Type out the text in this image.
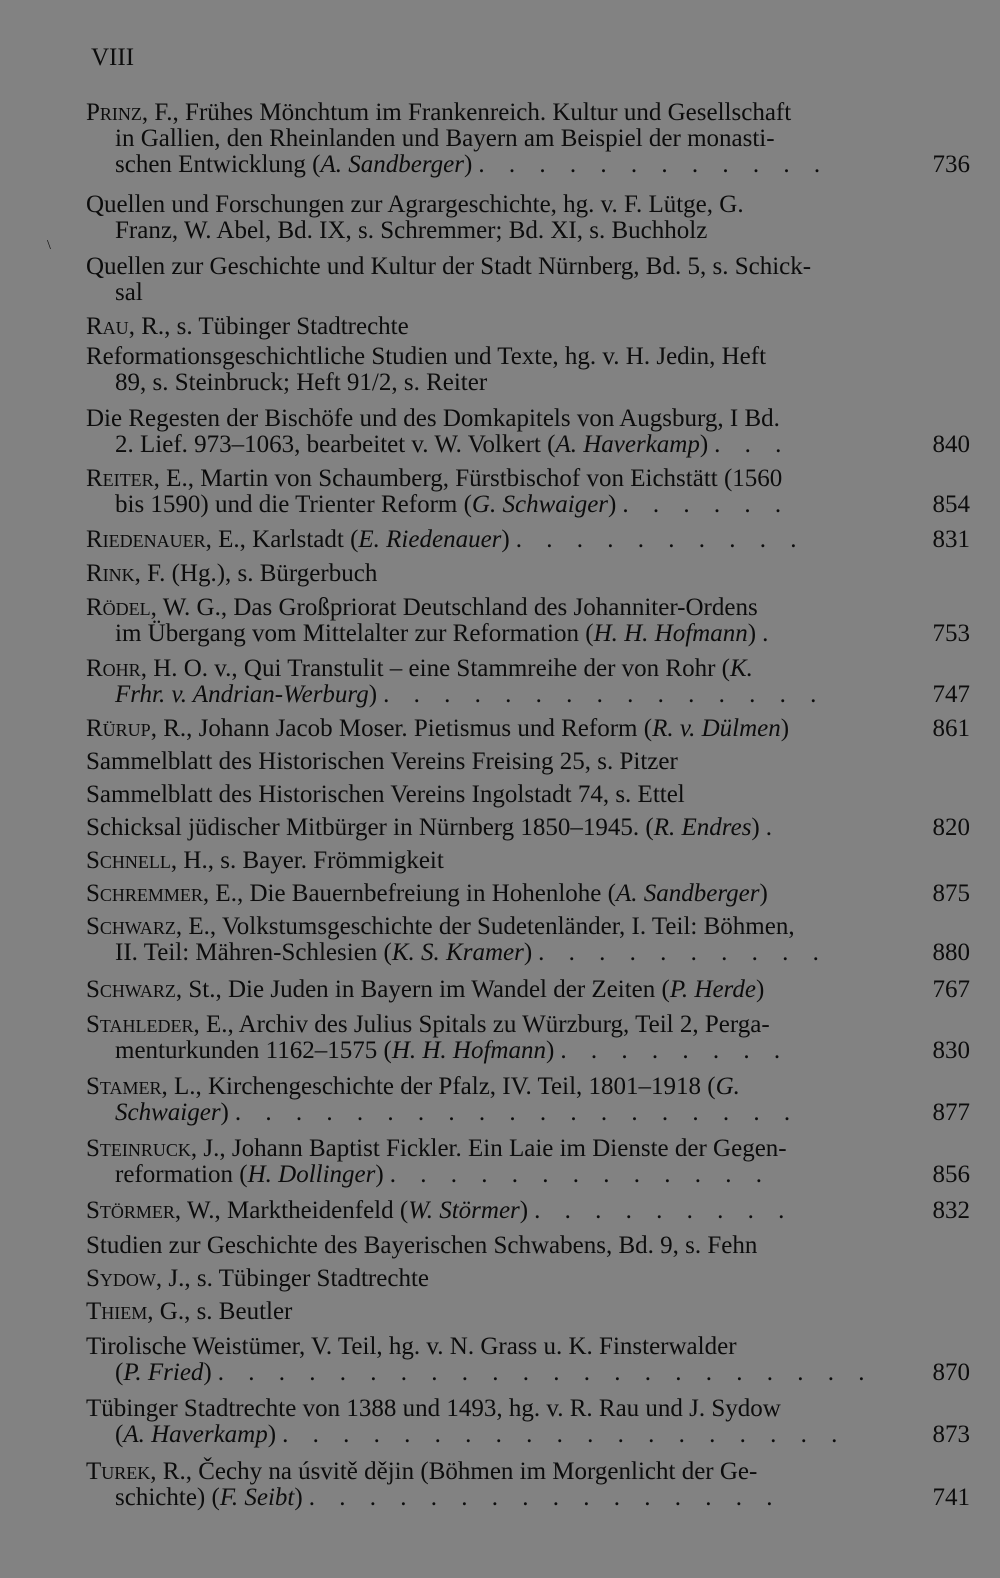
VIII
\
Prinz, F., Frühes Mönchtum im Frankenreich. Kultur und Gesellschaft
in Gallien, den Rheinlanden und Bayern am Beispiel der monasti-
schen Entwicklung (A. Sandberger) . . . . . . . . . . . .	736
Quellen und Forschungen zur Agrargeschichte, hg. v. F. Lütge, G.
Franz, W. Abel, Bd. IX, s. Schremmer; Bd. XI, s. Buchholz
Quellen zur Geschichte und Kultur der Stadt Nürnberg, Bd. 5, s. Schick-
sal
Rau, R., s. Tübinger Stadtrechte
Reformationsgeschichtliche Studien und Texte, hg. v. H. Jedin, Heft
89, s. Steinbruck; Heft 91/2, s. Reiter
Die Regesten der Bischöfe und des Domkapitels von Augsburg, I Bd.
2. Lief. 973–1063, bearbeitet v. W. Volkert (A. Haverkamp) . . .	840
Reiter, E., Martin von Schaumberg, Fürstbischof von Eichstätt (1560
bis 1590) und die Trienter Reform (G. Schwaiger) . . . . . .	854
Riedenauer, E., Karlstadt (E. Riedenauer) . . . . . . . . . .	831
Rink, F. (Hg.), s. Bürgerbuch
Rödel, W. G., Das Großpriorat Deutschland des Johanniter-Ordens
im Übergang vom Mittelalter zur Reformation (H. H. Hofmann) .	753
Rohr, H. O. v., Qui Transtulit – eine Stammreihe der von Rohr (K.
Frhr. v. Andrian-Werburg) . . . . . . . . . . . . . . .	747
Rürup, R., Johann Jacob Moser. Pietismus und Reform (R. v. Dülmen)	861
Sammelblatt des Historischen Vereins Freising 25, s. Pitzer
Sammelblatt des Historischen Vereins Ingolstadt 74, s. Ettel
Schicksal jüdischer Mitbürger in Nürnberg 1850–1945. (R. Endres) .	820
Schnell, H., s. Bayer. Frömmigkeit
Schremmer, E., Die Bauernbefreiung in Hohenlohe (A. Sandberger)	875
Schwarz, E., Volkstumsgeschichte der Sudetenländer, I. Teil: Böhmen,
II. Teil: Mähren-Schlesien (K. S. Kramer) . . . . . . . . . .	880
Schwarz, St., Die Juden in Bayern im Wandel der Zeiten (P. Herde)	767
Stahleder, E., Archiv des Julius Spitals zu Würzburg, Teil 2, Perga-
menturkunden 1162–1575 (H. H. Hofmann) . . . . . . . .	830
Stamer, L., Kirchengeschichte der Pfalz, IV. Teil, 1801–1918 (G.
Schwaiger) . . . . . . . . . . . . . . . . . . .	877
Steinruck, J., Johann Baptist Fickler. Ein Laie im Dienste der Gegen-
reformation (H. Dollinger) . . . . . . . . . . . . .	856
Störmer, W., Marktheidenfeld (W. Störmer) . . . . . . . . .	832
Studien zur Geschichte des Bayerischen Schwabens, Bd. 9, s. Fehn
Sydow, J., s. Tübinger Stadtrechte
Thiem, G., s. Beutler
Tirolische Weistümer, V. Teil, hg. v. N. Grass u. K. Finsterwalder
(P. Fried) . . . . . . . . . . . . . . . . . . . . . . 870
Tübinger Stadtrechte von 1388 und 1493, hg. v. R. Rau und J. Sydow
(A. Haverkamp) . . . . . . . . . . . . . . . . . . .	873
Turek, R., Čechy na úsvitě dějin (Böhmen im Morgenlicht der Ge-
schichte) (F. Seibt) . . . . . . . . . . . . . . . .	741
